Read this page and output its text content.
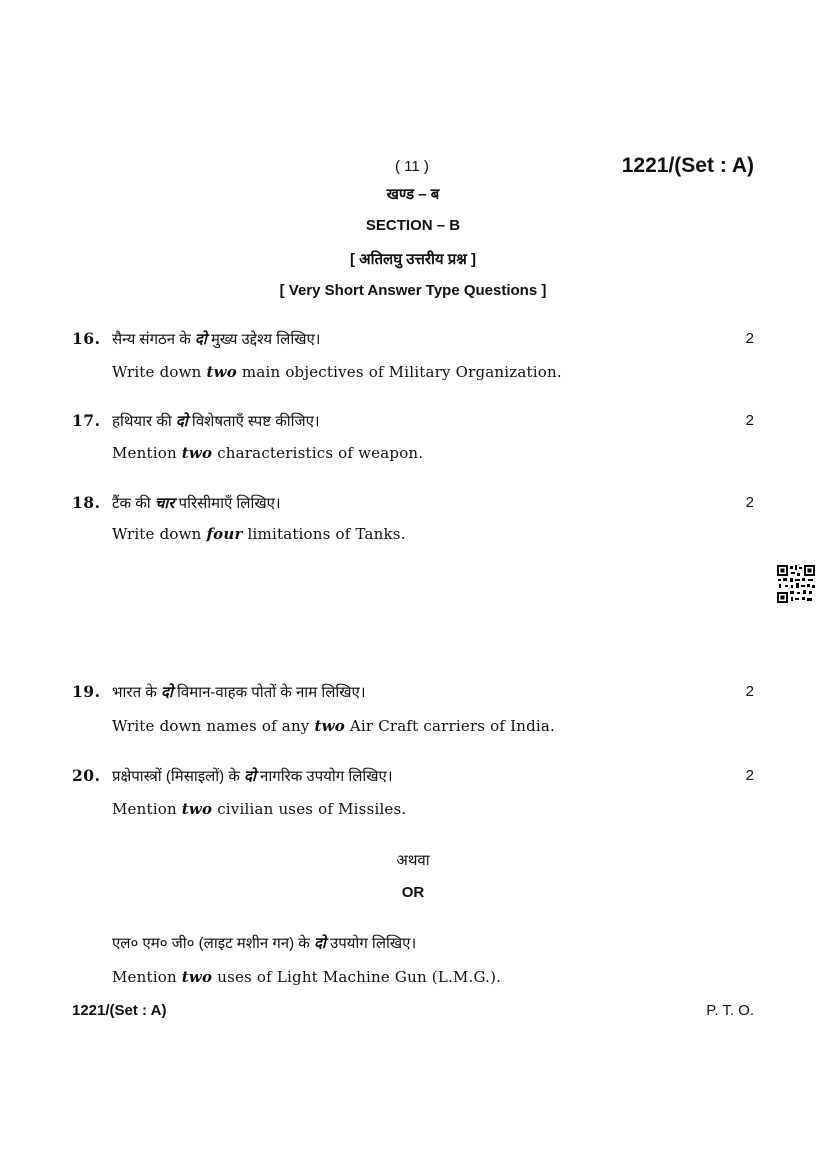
( 11 )	1221/(Set : A)
खण्ड – ब
SECTION – B
[ अतिलघु उत्तरीय प्रश्न ]
[ Very Short Answer Type Questions ]
16. सैन्य संगठन के दो मुख्य उद्देश्य लिखिए।	2
Write down two main objectives of Military Organization.
17. हथियार की दो विशेषताएँ स्पष्ट कीजिए।	2
Mention two characteristics of weapon.
18. टैंक की चार परिसीमाएँ लिखिए।	2
Write down four limitations of Tanks.
19. भारत के दो विमान-वाहक पोतों के नाम लिखिए।	2
Write down names of any two Air Craft carriers of India.
20. प्रक्षेपास्त्रों (मिसाइलों) के दो नागरिक उपयोग लिखिए।	2
Mention two civilian uses of Missiles.
अथवा
OR
एल० एम० जी० (लाइट मशीन गन) के दो उपयोग लिखिए।
Mention two uses of Light Machine Gun (L.M.G.).
1221/(Set : A)	P. T. O.
